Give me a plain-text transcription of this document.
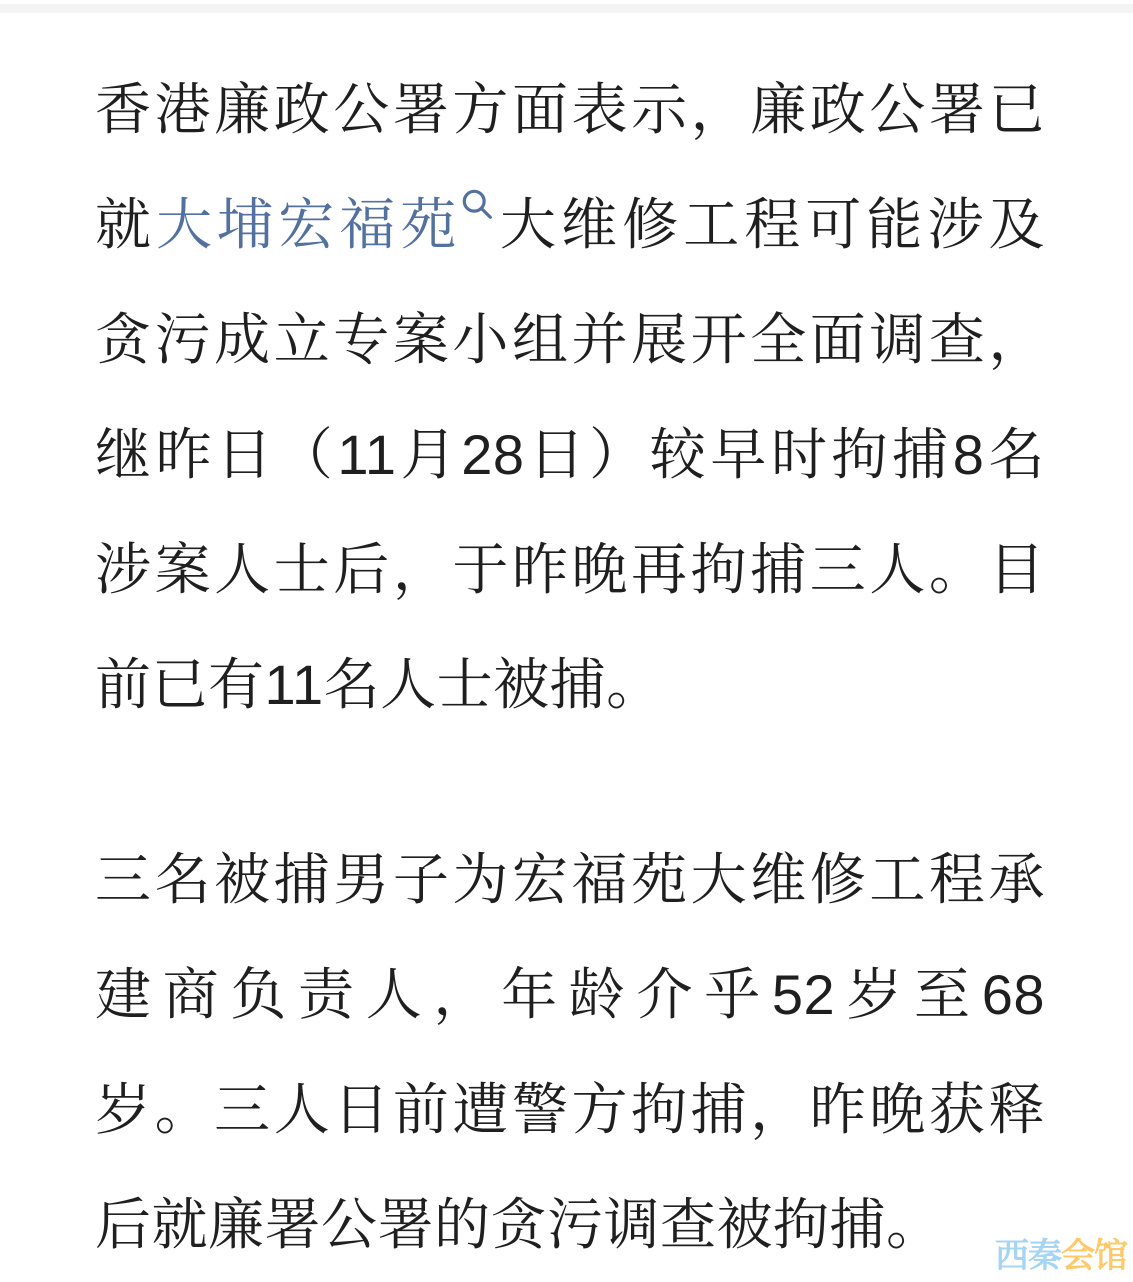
香港廉政公署方面表示，廉政公署已
就大埔宏福苑 大维修工程可能涉及
贪污成立专案小组并展开全面调查，
继昨日（11月28日）较早时拘捕8名
涉案人士后，于昨晚再拘捕三人。目
前已有11名人士被捕。
三名被捕男子为宏福苑大维修工程承
建商负责人，年龄介乎52岁至68
岁。三人日前遭警方拘捕，昨晚获释
后就廉署公署的贪污调查被拘捕。	西秦会馆
